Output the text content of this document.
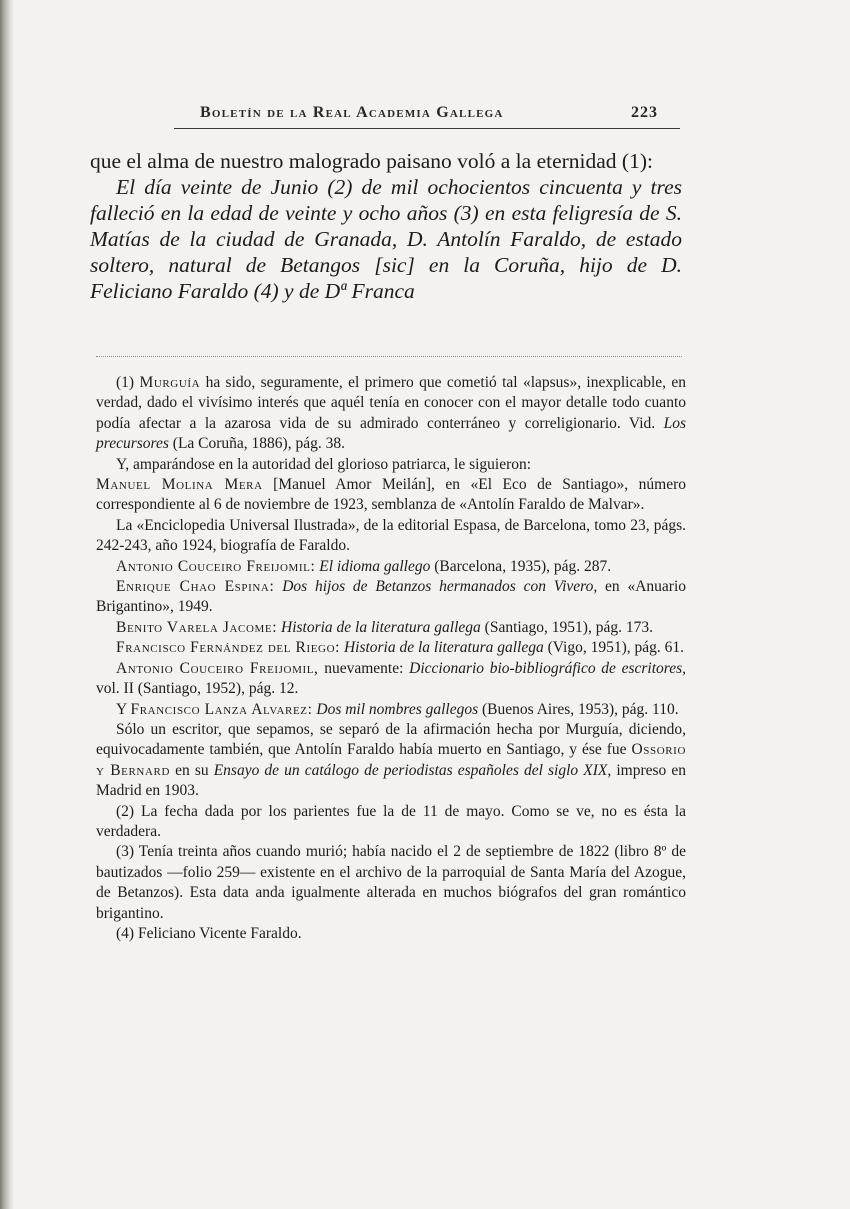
Boletín de la Real Academia Gallega	223

que el alma de nuestro malogrado paisano voló a la eternidad (1):

El día veinte de Junio (2) de mil ochocientos cincuenta y tres falleció en la edad de veinte y ocho años (3) en esta feligresía de S. Matías de la ciudad de Granada, D. Antolín Faraldo, de estado soltero, natural de Betangos [sic] en la Coruña, hijo de D. Feliciano Faraldo (4) y de Dª Franca

(1) Murguía ha sido, seguramente, el primero que cometió tal «lapsus», inexplicable, en verdad, dado el vivísimo interés que aquél tenía en conocer con el mayor detalle todo cuanto podía afectar a la azarosa vida de su admirado conterráneo y correligionario. Vid. Los precursores (La Coruña, 1886), pág. 38.

Y, amparándose en la autoridad del glorioso patriarca, le siguieron:

Manuel Molina Mera [Manuel Amor Meilán], en «El Eco de Santiago», número correspondiente al 6 de noviembre de 1923, semblanza de «Antolín Faraldo de Malvar».

La «Enciclopedia Universal Ilustrada», de la editorial Espasa, de Barcelona, tomo 23, págs. 242-243, año 1924, biografía de Faraldo.

Antonio Couceiro Freijomil: El idioma gallego (Barcelona, 1935), pág. 287.

Enrique Chao Espina: Dos hijos de Betanzos hermanados con Vivero, en «Anuario Brigantino», 1949.

Benito Varela Jacome: Historia de la literatura gallega (Santiago, 1951), pág. 173.

Francisco Fernández del Riego: Historia de la literatura gallega (Vigo, 1951), pág. 61.

Antonio Couceiro Freijomil, nuevamente: Diccionario bio-bibliográfico de escritores, vol. II (Santiago, 1952), pág. 12.

Y Francisco Lanza Alvarez: Dos mil nombres gallegos (Buenos Aires, 1953), pág. 110.

Sólo un escritor, que sepamos, se separó de la afirmación hecha por Murguía, diciendo, equivocadamente también, que Antolín Faraldo había muerto en Santiago, y ése fue Ossorio y Bernard en su Ensayo de un catálogo de periodistas españoles del siglo XIX, impreso en Madrid en 1903.

(2) La fecha dada por los parientes fue la de 11 de mayo. Como se ve, no es ésta la verdadera.

(3) Tenía treinta años cuando murió; había nacido el 2 de septiembre de 1822 (libro 8º de bautizados —folio 259— existente en el archivo de la parroquial de Santa María del Azogue, de Betanzos). Esta data anda igualmente alterada en muchos biógrafos del gran romántico brigantino.

(4) Feliciano Vicente Faraldo.
